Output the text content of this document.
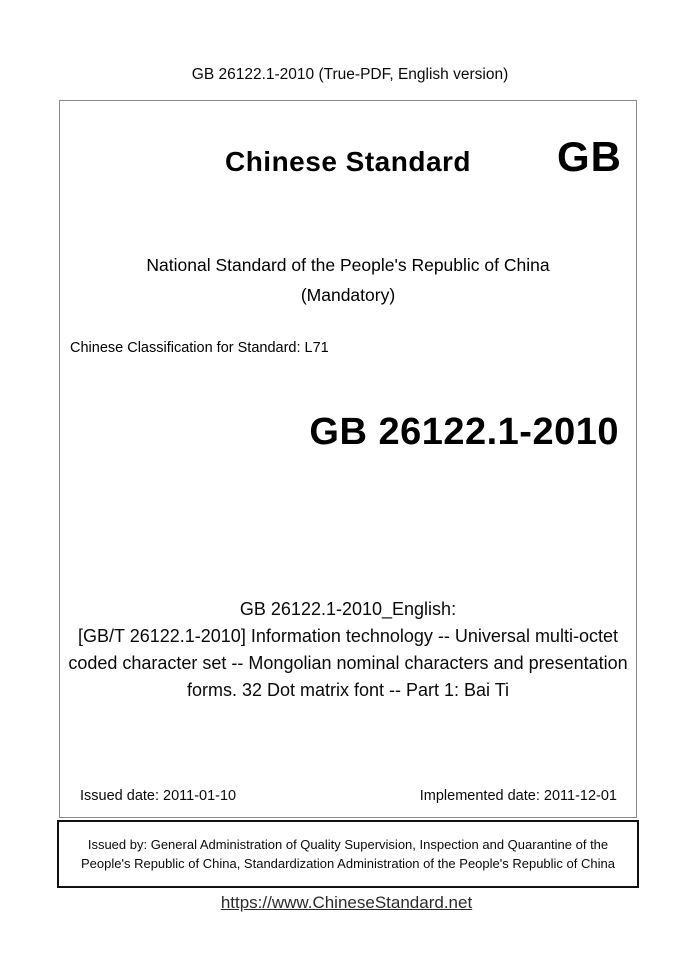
GB 26122.1-2010 (True-PDF, English version)
Chinese Standard	GB
National Standard of the People's Republic of China
(Mandatory)
Chinese Classification for Standard: L71
GB 26122.1-2010
GB 26122.1-2010_English:
[GB/T 26122.1-2010] Information technology -- Universal multi-octet coded character set -- Mongolian nominal characters and presentation forms. 32 Dot matrix font -- Part 1: Bai Ti
Issued date: 2011-01-10	Implemented date: 2011-12-01
Issued by: General Administration of Quality Supervision, Inspection and Quarantine of the People's Republic of China, Standardization Administration of the People's Republic of China
https://www.ChineseStandard.net
